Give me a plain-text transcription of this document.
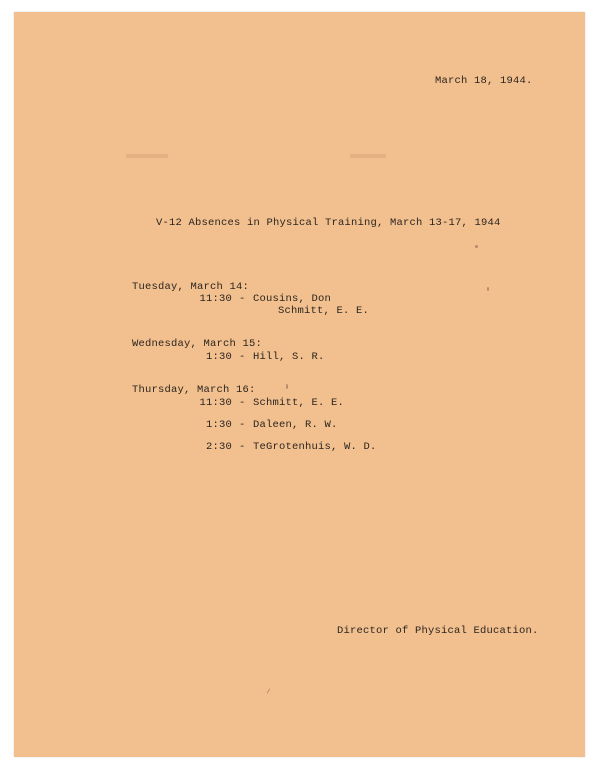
March 18, 1944.
V-12 Absences in Physical Training, March 13-17, 1944
Tuesday, March 14:
11:30 - Cousins, Don
Schmitt, E. E.
Wednesday, March 15:
1:30 - Hill, S. R.
Thursday, March 16:
11:30 - Schmitt, E. E.
1:30 - Daleen, R. W.
2:30 - TeGrotenhuis, W. D.
Director of Physical Education.
